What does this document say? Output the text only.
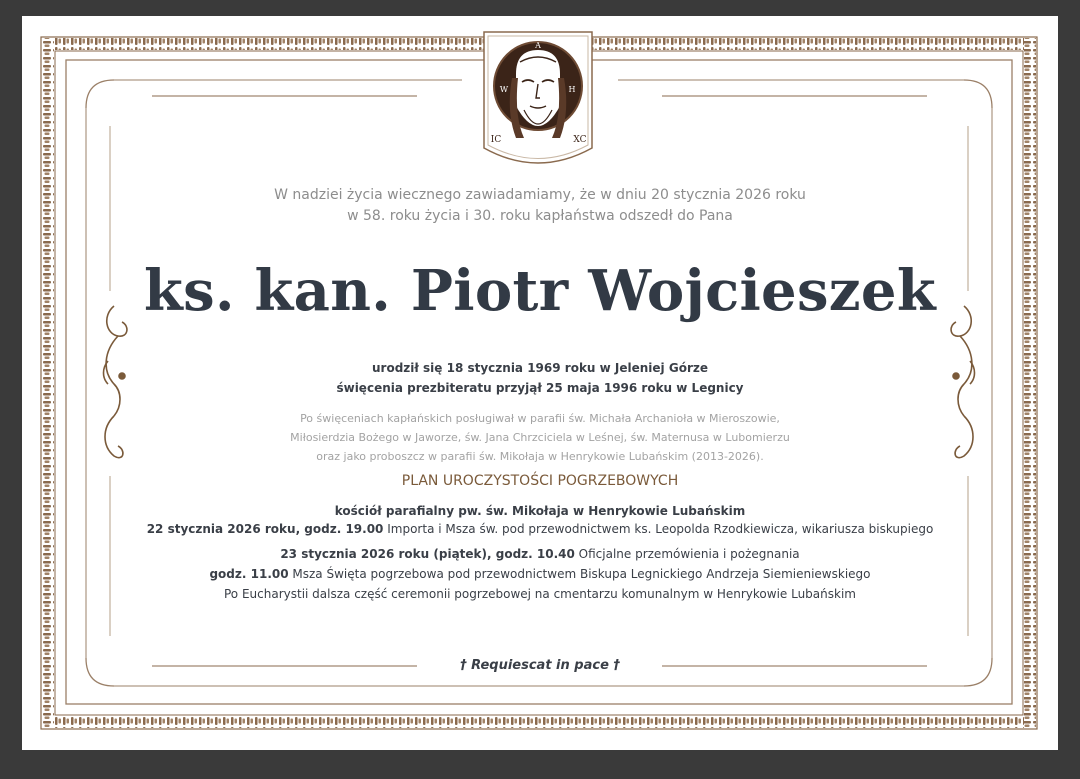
A
W	H
IC	XC
W nadziei życia wiecznego zawiadamiamy, że w dniu 20 stycznia 2026 roku
w 58. roku życia i 30. roku kapłaństwa odszedł do Pana
ks. kan. Piotr Wojcieszek
urodził się 18 stycznia 1969 roku w Jeleniej Górze
święcenia prezbiteratu przyjął 25 maja 1996 roku w Legnicy
Po święceniach kapłańskich posługiwał w parafii św. Michała Archanioła w Mieroszowie,
Miłosierdzia Bożego w Jaworze, św. Jana Chrzciciela w Leśnej, św. Maternusa w Lubomierzu
oraz jako proboszcz w parafii św. Mikołaja w Henrykowie Lubańskim (2013-2026).
PLAN UROCZYSTOŚCI POGRZEBOWYCH
kościół parafialny pw. św. Mikołaja w Henrykowie Lubańskim
22 stycznia 2026 roku, godz. 19.00 Importa i Msza św. pod przewodnictwem ks. Leopolda Rzodkiewicza, wikariusza biskupiego
23 stycznia 2026 roku (piątek), godz. 10.40 Oficjalne przemówienia i pożegnania
godz. 11.00 Msza Święta pogrzebowa pod przewodnictwem Biskupa Legnickiego Andrzeja Siemieniewskiego
Po Eucharystii dalsza część ceremonii pogrzebowej na cmentarzu komunalnym w Henrykowie Lubańskim
† Requiescat in pace †
